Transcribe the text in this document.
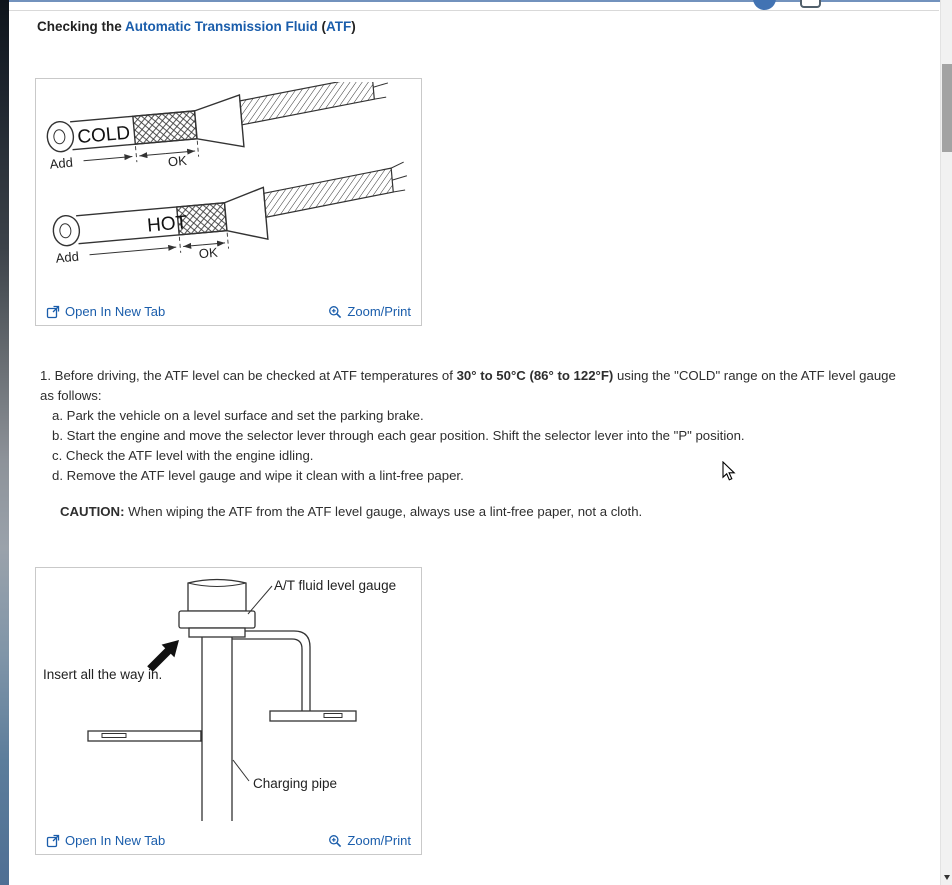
Checking the Automatic Transmission Fluid (ATF)
COLD
Add	OK
HOT
Add	OK
Open In New Tab	Zoom/Print
1. Before driving, the ATF level can be checked at ATF temperatures of 30° to 50°C (86° to 122°F) using the "COLD" range on the ATF level gauge as follows:
a. Park the vehicle on a level surface and set the parking brake.
b. Start the engine and move the selector lever through each gear position. Shift the selector lever into the "P" position.
c. Check the ATF level with the engine idling.
d. Remove the ATF level gauge and wipe it clean with a lint-free paper.
CAUTION: When wiping the ATF from the ATF level gauge, always use a lint-free paper, not a cloth.
A/T fluid level gauge
Insert all the way in.
Charging pipe
Open In New Tab	Zoom/Print
